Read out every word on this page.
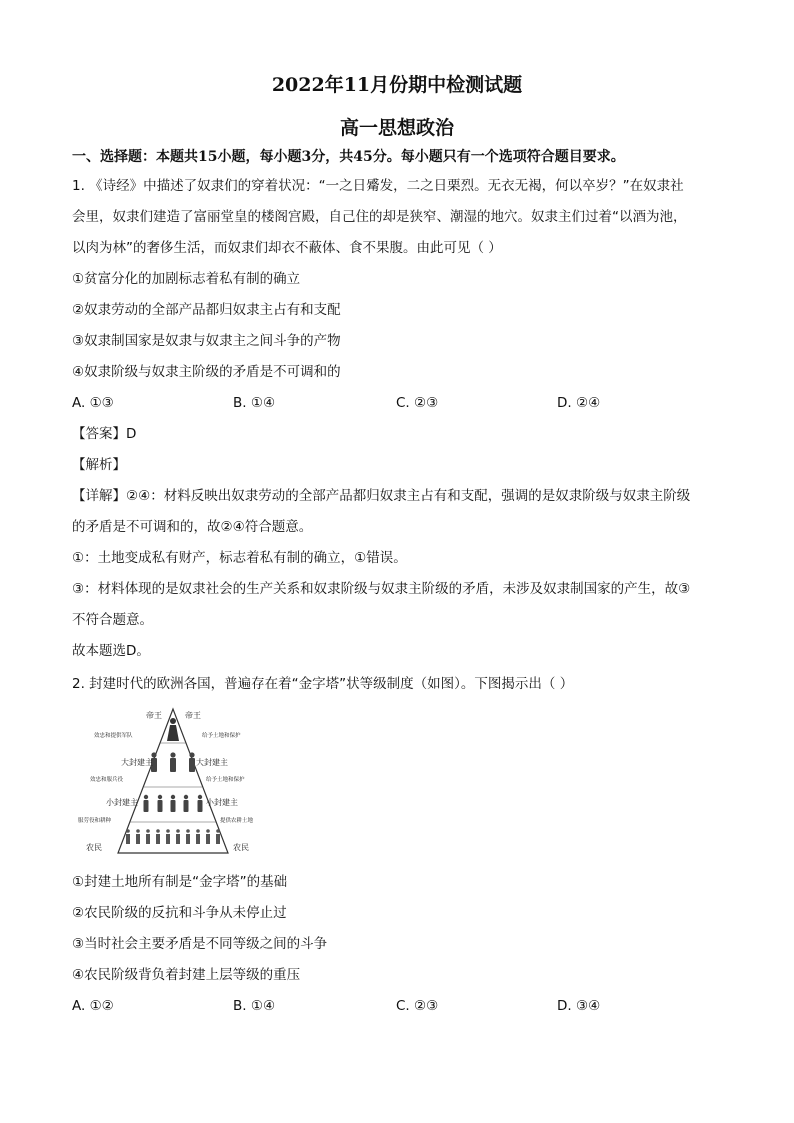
2022年11月份期中检测试题
高一思想政治
一、选择题：本题共15小题，每小题3分，共45分。每小题只有一个选项符合题目要求。
1. 《诗经》中描述了奴隶们的穿着状况：“一之日觱发，二之日栗烈。无衣无褐，何以卒岁？”在奴隶社
会里，奴隶们建造了富丽堂皇的楼阁宫殿，自己住的却是狭窄、潮湿的地穴。奴隶主们过着“以酒为池，
以肉为林”的奢侈生活，而奴隶们却衣不蔽体、食不果腹。由此可见（ ）
①贫富分化的加剧标志着私有制的确立
②奴隶劳动的全部产品都归奴隶主占有和支配
③奴隶制国家是奴隶与奴隶主之间斗争的产物
④奴隶阶级与奴隶主阶级的矛盾是不可调和的
A. ①③	B. ①④	C. ②③	D. ②④
【答案】D
【解析】
【详解】②④：材料反映出奴隶劳动的全部产品都归奴隶主占有和支配，强调的是奴隶阶级与奴隶主阶级
的矛盾是不可调和的，故②④符合题意。
①：土地变成私有财产，标志着私有制的确立，①错误。
③：材料体现的是奴隶社会的生产关系和奴隶阶级与奴隶主阶级的矛盾，未涉及奴隶制国家的产生，故③
不符合题意。
故本题选D。
2. 封建时代的欧洲各国，普遍存在着“金字塔”状等级制度（如图）。下图揭示出（ ）
帝王	帝王
大封建主	大封建主
小封建主	小封建主
农民	农民
效忠和提供军队	给予土地和保护
效忠和服兵役	给予土地和保护
服劳役和耕种	提供农耕土地
①封建土地所有制是“金字塔”的基础
②农民阶级的反抗和斗争从未停止过
③当时社会主要矛盾是不同等级之间的斗争
④农民阶级背负着封建上层等级的重压
A. ①②	B. ①④	C. ②③	D. ③④
